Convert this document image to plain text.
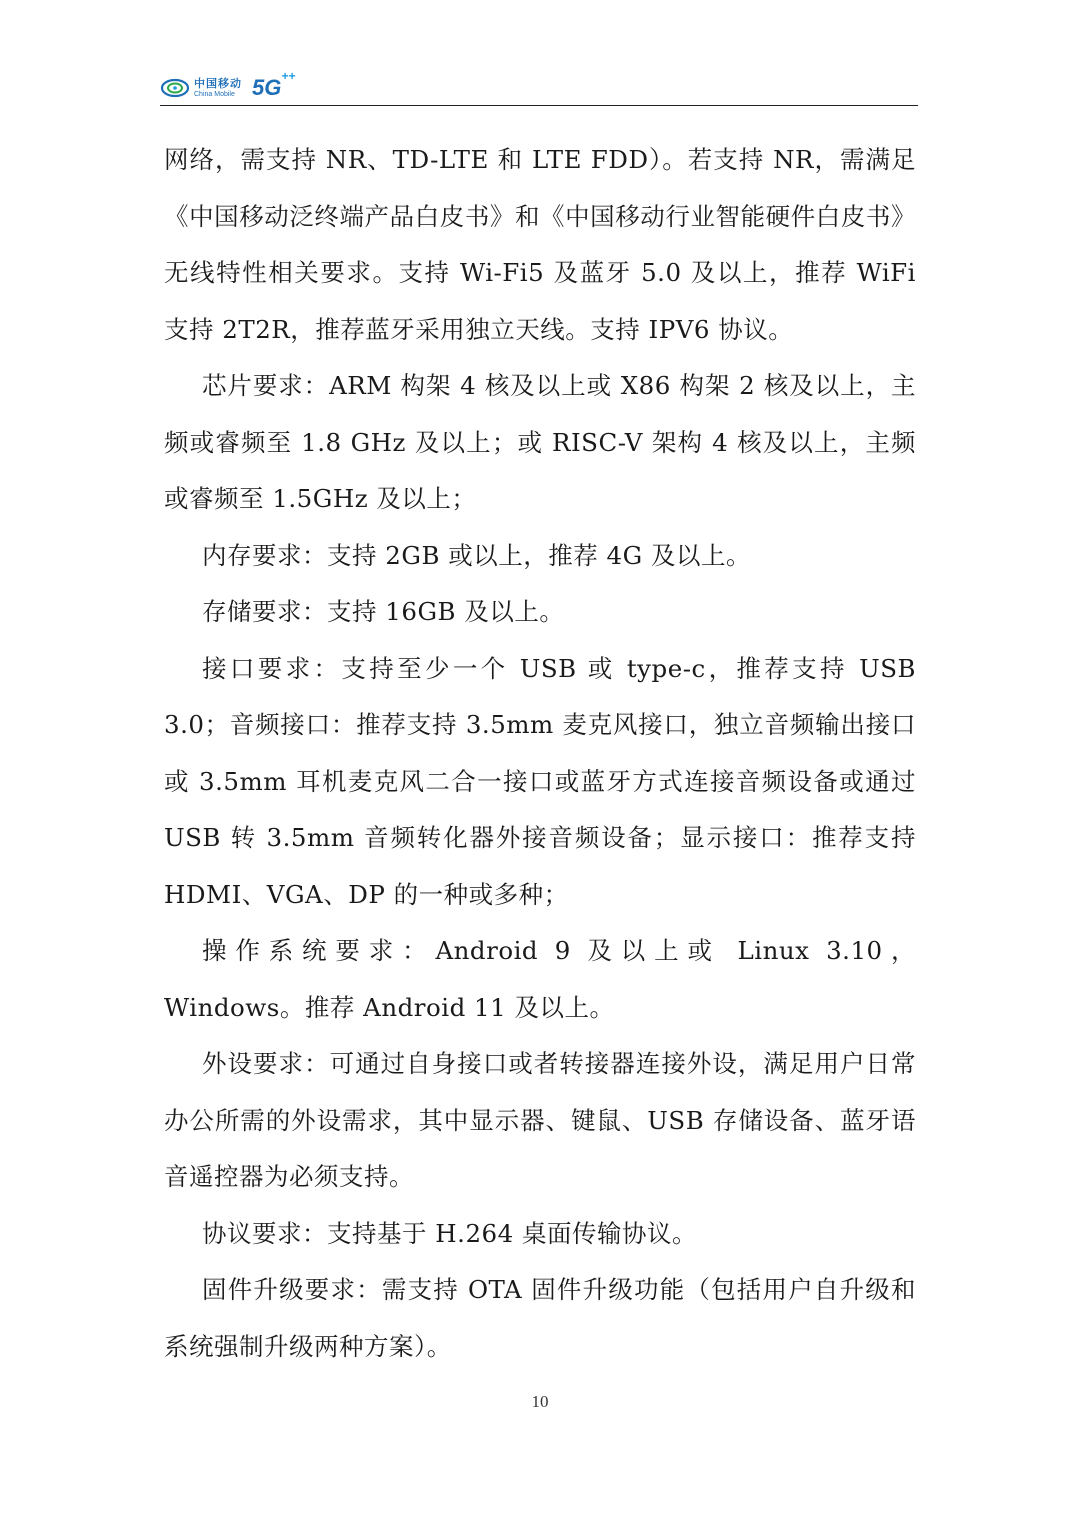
中国移动
China Mobile 5G ++

网络，需支持 NR、TD-LTE 和 LTE FDD）。若支持 NR，需满足《中国移动泛终端产品白皮书》和《中国移动行业智能硬件白皮书》无线特性相关要求。支持 Wi-Fi5 及蓝牙 5.0 及以上，推荐 WiFi 支持 2T2R，推荐蓝牙采用独立天线。支持 IPV6 协议。

芯片要求：ARM 构架 4 核及以上或 X86 构架 2 核及以上，主频或睿频至 1.8 GHz 及以上；或 RISC-V 架构 4 核及以上，主频或睿频至 1.5GHz 及以上；

内存要求：支持 2GB 或以上，推荐 4G 及以上。

存储要求：支持 16GB 及以上。

接口要求：支持至少一个 USB 或 type-c，推荐支持 USB 3.0；音频接口：推荐支持 3.5mm 麦克风接口，独立音频输出接口或 3.5mm 耳机麦克风二合一接口或蓝牙方式连接音频设备或通过 USB 转 3.5mm 音频转化器外接音频设备；显示接口：推荐支持 HDMI、VGA、DP 的一种或多种；

操作系统要求：Android 9 及以上或 Linux 3.10，Windows。推荐 Android 11 及以上。

外设要求：可通过自身接口或者转接器连接外设，满足用户日常办公所需的外设需求，其中显示器、键鼠、USB 存储设备、蓝牙语音遥控器为必须支持。

协议要求：支持基于 H.264 桌面传输协议。

固件升级要求：需支持 OTA 固件升级功能（包括用户自升级和系统强制升级两种方案）。

10
